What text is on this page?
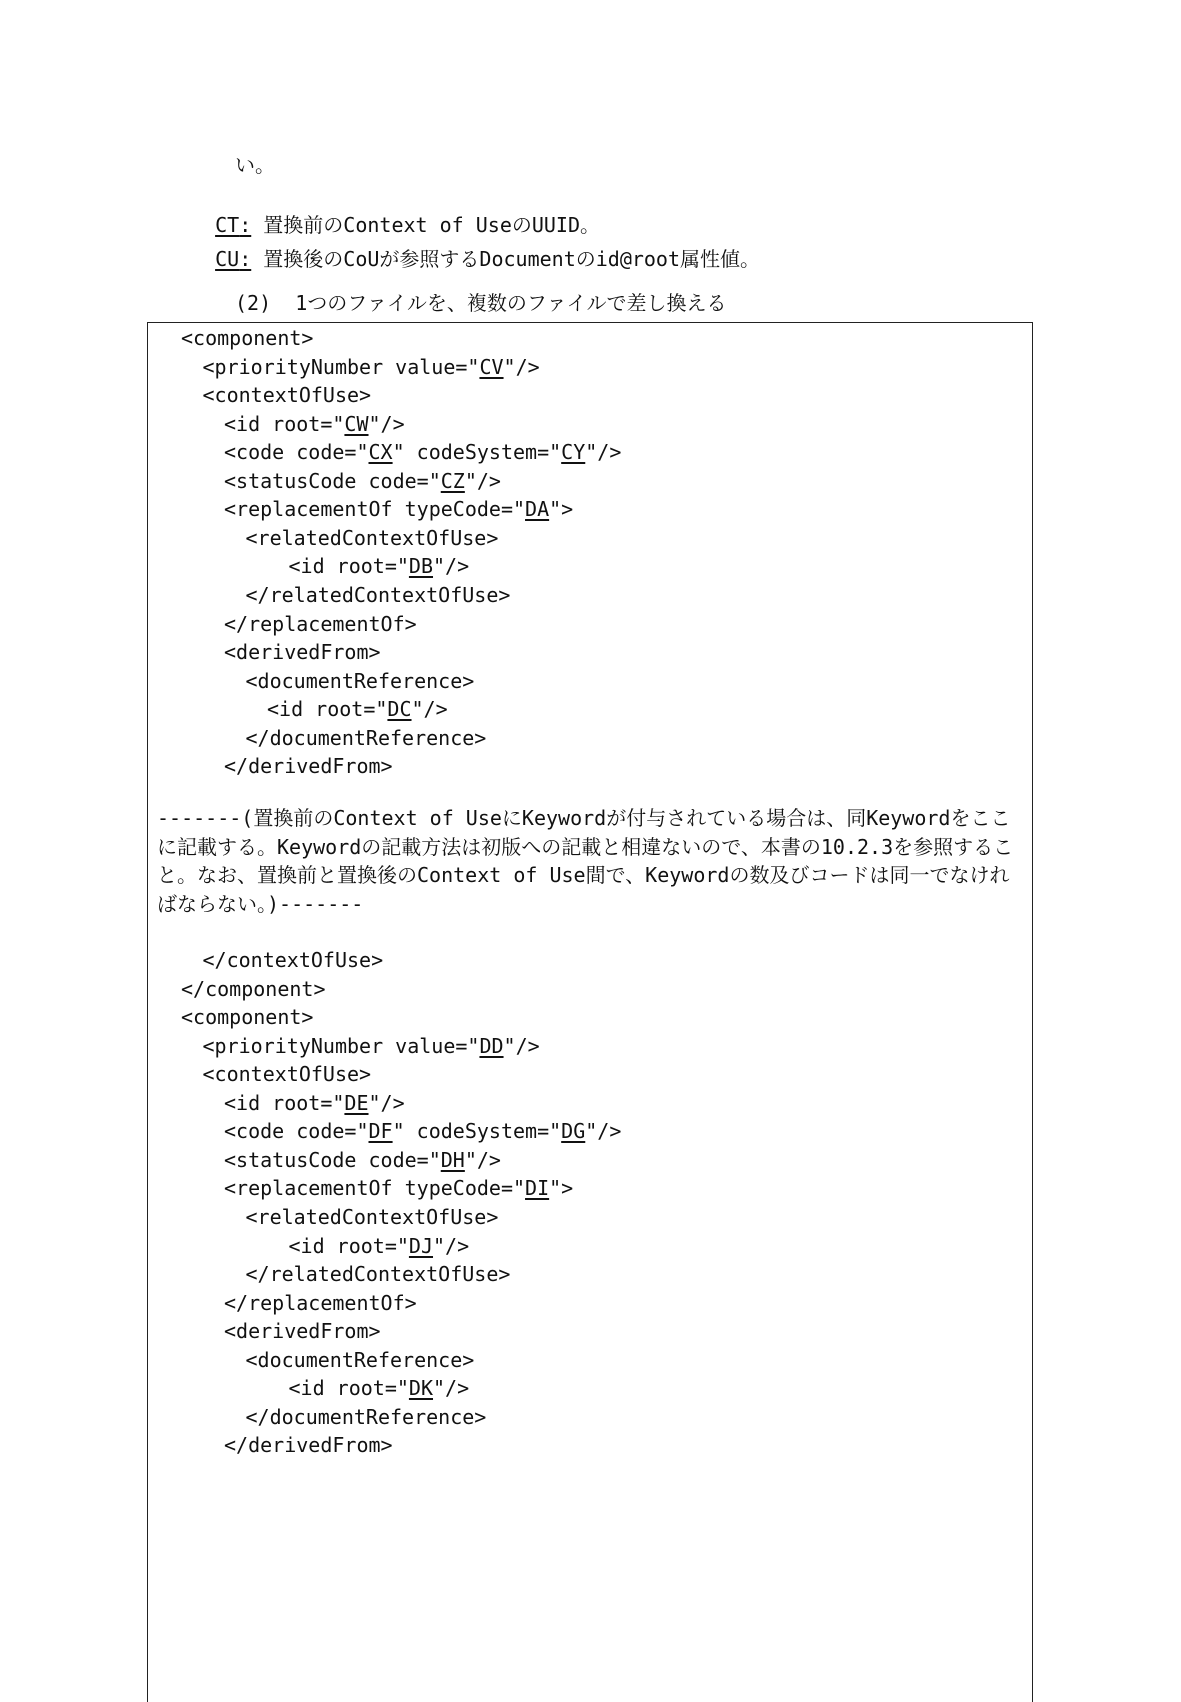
い。

CT: 置換前のContext of UseのUUID。

CU: 置換後のCoUが参照するDocumentのid@root属性値。

(2)  1つのファイルを、複数のファイルで差し換える
<component>
<priorityNumber value="CV"/>
<contextOfUse>
<id root="CW"/>
<code code="CX" codeSystem="CY"/>
<statusCode code="CZ"/>
<replacementOf typeCode="DA">
<relatedContextOfUse>
<id root="DB"/>
</relatedContextOfUse>
</replacementOf>
<derivedFrom>
<documentReference>
<id root="DC"/>
</documentReference>
</derivedFrom>
-------(置換前のContext of UseにKeywordが付与されている場合は、同Keywordをここに記載する。Keywordの記載方法は初版への記載と相違ないので、本書の10.2.3を参照すること。なお、置換前と置換後のContext of Use間で、Keywordの数及びコードは同一でなければならない。)-------
</contextOfUse>
</component>
<component>
<priorityNumber value="DD"/>
<contextOfUse>
<id root="DE"/>
<code code="DF" codeSystem="DG"/>
<statusCode code="DH"/>
<replacementOf typeCode="DI">
<relatedContextOfUse>
<id root="DJ"/>
</relatedContextOfUse>
</replacementOf>
<derivedFrom>
<documentReference>
<id root="DK"/>
</documentReference>
</derivedFrom>
